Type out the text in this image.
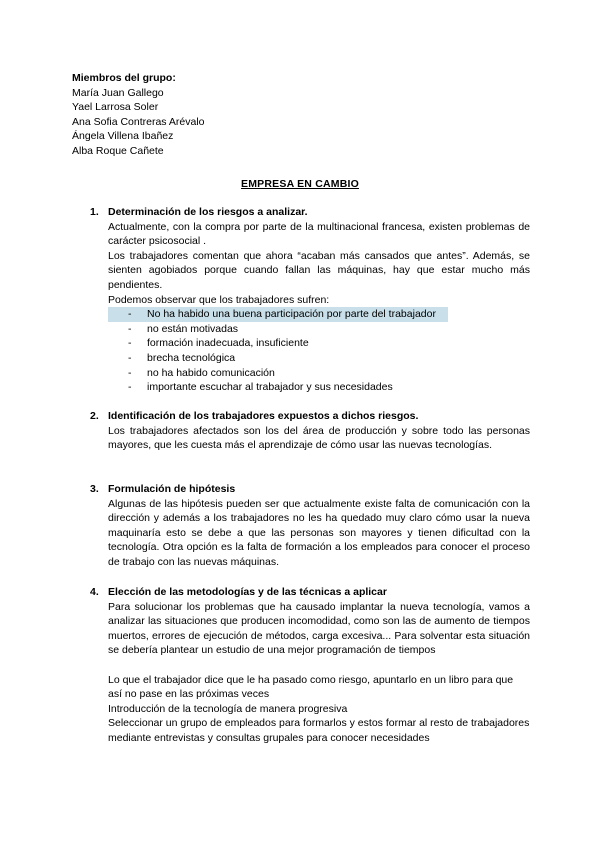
Miembros del grupo:
María Juan Gallego
Yael Larrosa Soler
Ana Sofia Contreras Arévalo
Ángela Villena Ibañez
Alba Roque Cañete
EMPRESA EN CAMBIO
1. Determinación de los riesgos a analizar.

Actualmente, con la compra por parte de la multinacional francesa, existen problemas de carácter psicosocial .

Los trabajadores comentan que ahora “acaban más cansados que antes”. Además, se sienten agobiados porque cuando fallan las máquinas, hay que estar mucho más pendientes.

Podemos observar que los trabajadores sufren:

- No ha habido una buena participación por parte del trabajador
- no están motivadas
- formación inadecuada, insuficiente
- brecha tecnológica
- no ha habido comunicación
- importante escuchar al trabajador y sus necesidades
2. Identificación de los trabajadores expuestos a dichos riesgos.

Los trabajadores afectados son los del área de producción y sobre todo las personas mayores, que les cuesta más el aprendizaje de cómo usar las nuevas tecnologías.

3. Formulación de hipótesis

Algunas de las hipótesis pueden ser que actualmente existe falta de comunicación con la dirección y además a los trabajadores no les ha quedado muy claro cómo usar la nueva maquinaría esto se debe a que las personas son mayores y tienen dificultad con la tecnología. Otra opción es la falta de formación a los empleados para conocer el proceso de trabajo con las nuevas máquinas.

4. Elección de las metodologías y de las técnicas a aplicar

Para solucionar los problemas que ha causado implantar la nueva tecnología, vamos a analizar las situaciones que producen incomodidad, como son las de aumento de tiempos muertos, errores de ejecución de métodos, carga excesiva... Para solventar esta situación se debería plantear un estudio de una mejor programación de tiempos

Lo que el trabajador dice que le ha pasado como riesgo, apuntarlo en un libro para que así no pase en las próximas veces

Introducción de la tecnología de manera progresiva

Seleccionar un grupo de empleados para formarlos y estos formar al resto de trabajadores mediante entrevistas y consultas grupales para conocer necesidades
